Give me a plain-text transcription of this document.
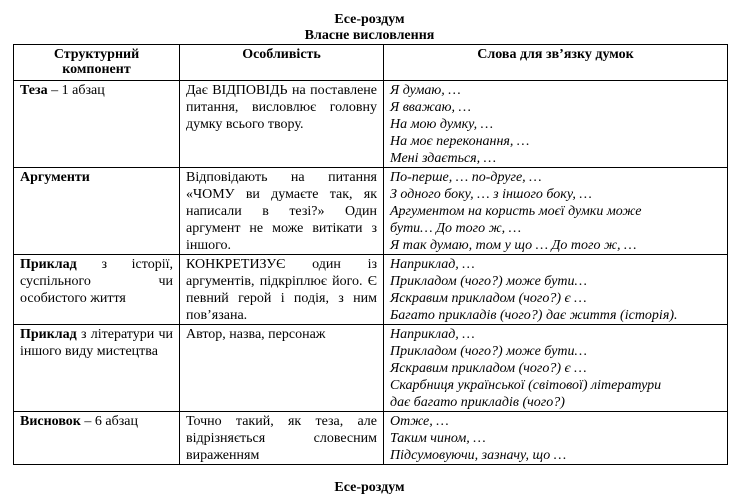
Есе-роздум
Власне висловлення
Структурний компонент	Особливість	Слова для зв’язку думок
Теза – 1 абзац	Дає ВІДПОВІДЬ на поставлене питання, висловлює головну думку всього твору.	Я думаю, …
Я вважаю, …
На мою думку, …
На моє переконання, …
Мені здається, …

Аргументи	Відповідають на питання «ЧОМУ ви думаєте так, як написали в тезі?» Один аргумент не може витікати з іншого.	По-перше, … по-друге, …
З одного боку, … з іншого боку, …
Аргументом на користь моєї думки може
бути… До того ж, …
Я так думаю, том у що … До того ж, …

Приклад з історії, суспільного чи особистого життя	КОНКРЕТИЗУЄ один із аргументів, підкріплює його. Є певний герой і подія, з ним пов’язана.	Наприклад, …
Прикладом (чого?) може бути…
Яскравим прикладом (чого?) є …
Багато прикладів (чого?) дає життя (історія).

Приклад з літератури чи іншого виду мистецтва	Автор, назва, персонаж	Наприклад, …
Прикладом (чого?) може бути…
Яскравим прикладом (чого?) є …
Скарбниця української (світової) літератури
дає багато прикладів (чого?)

Висновок – 6 абзац	Точно такий, як теза, але відрізняється словесним вираженням	Отже, …
Таким чином, …
Підсумовуючи, зазначу, що …
Есе-роздум
